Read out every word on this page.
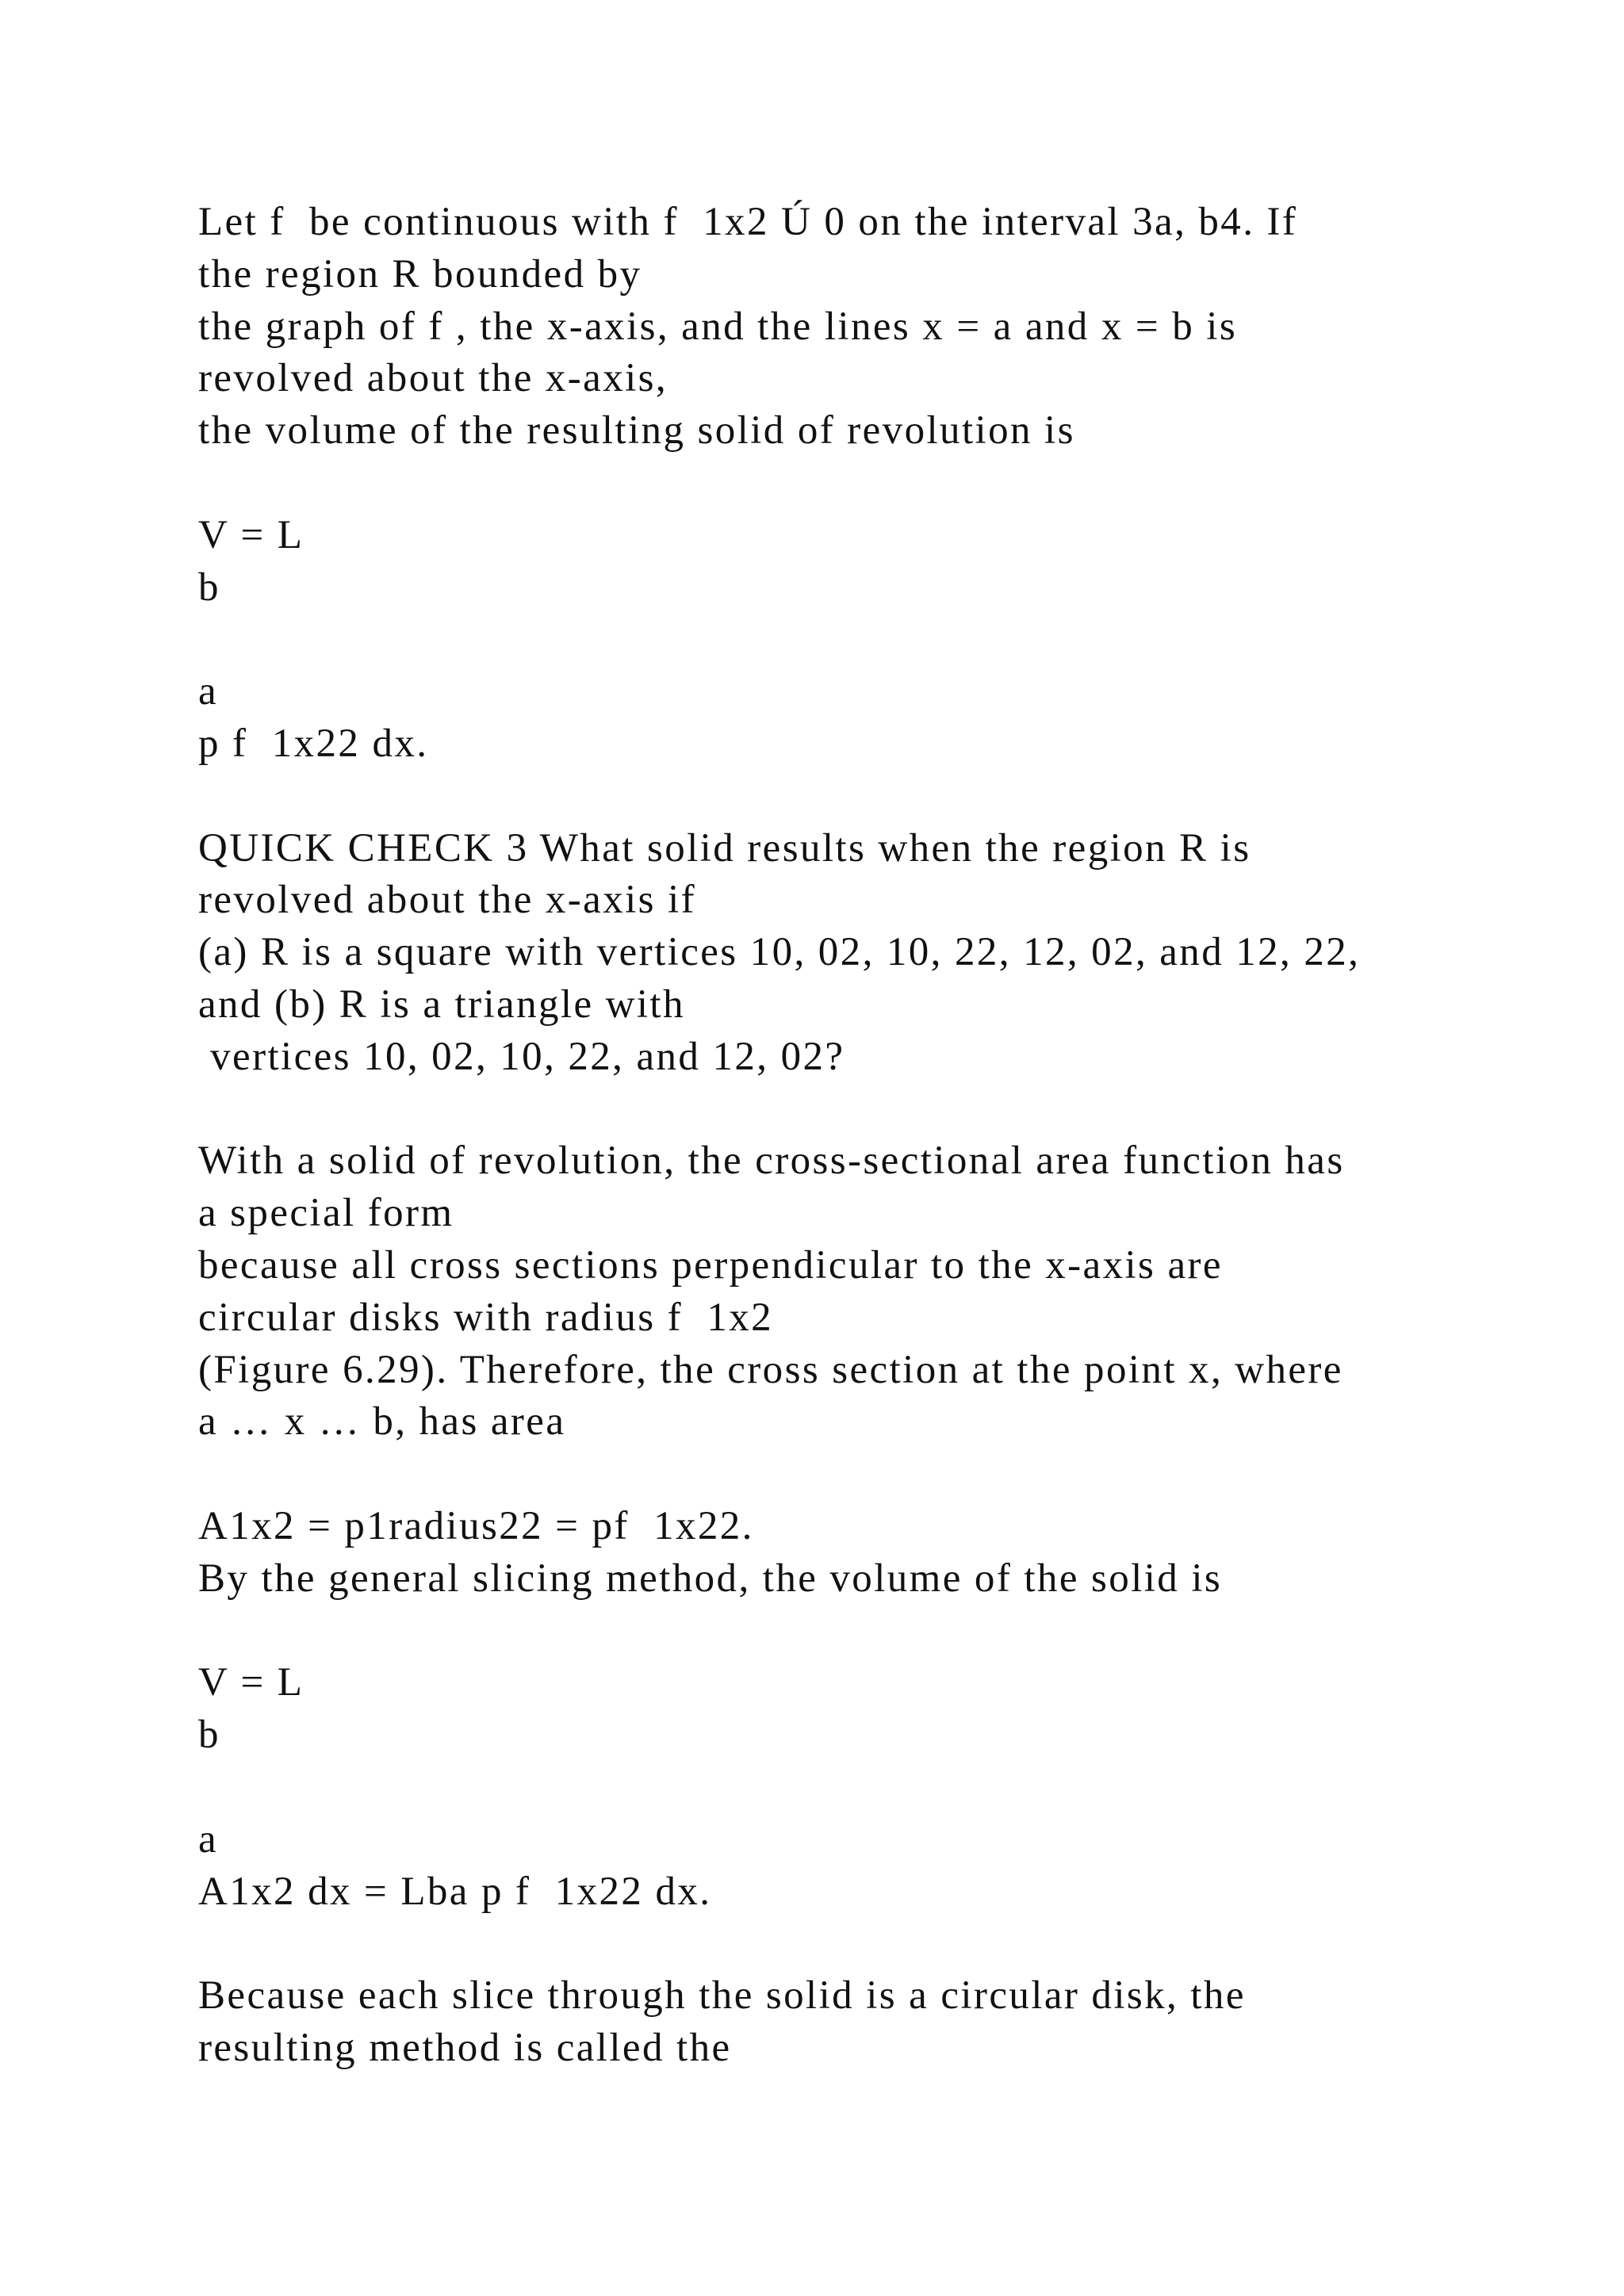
Let f  be continuous with f  1x2 Ú 0 on the interval 3a, b4. If
the region R bounded by
the graph of f , the x-axis, and the lines x = a and x = b is
revolved about the x-axis,
the volume of the resulting solid of revolution is
V = L
b
a
p f  1x22 dx.
QUICK CHECK 3 What solid results when the region R is
revolved about the x-axis if
(a) R is a square with vertices 10, 02, 10, 22, 12, 02, and 12, 22,
and (b) R is a triangle with
vertices 10, 02, 10, 22, and 12, 02?
With a solid of revolution, the cross-sectional area function has
a special form
because all cross sections perpendicular to the x-axis are
circular disks with radius f  1x2
(Figure 6.29). Therefore, the cross section at the point x, where
a … x … b, has area
A1x2 = p1radius22 = pf  1x22.
By the general slicing method, the volume of the solid is
V = L
b
a
A1x2 dx = Lba p f  1x22 dx.
Because each slice through the solid is a circular disk, the
resulting method is called the
